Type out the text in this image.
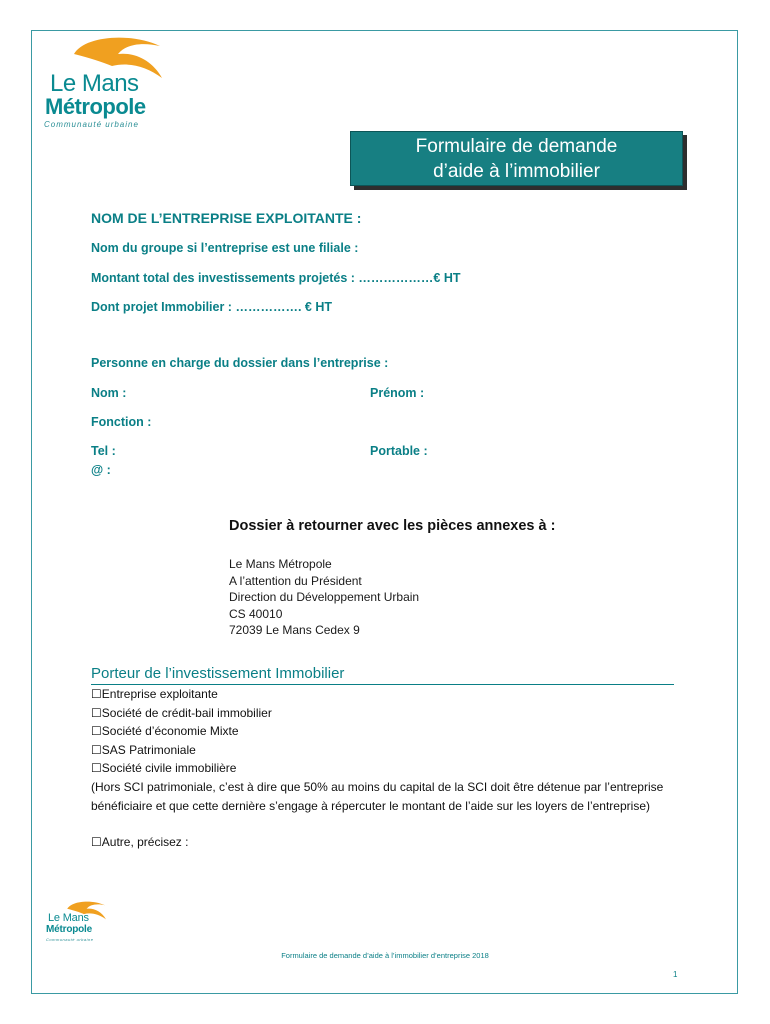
Le Mans
Métropole
Communauté urbaine
Formulaire de demande
d’aide à l’immobilier
NOM DE L’ENTREPRISE EXPLOITANTE :
Nom du groupe si l’entreprise est une filiale :
Montant total des investissements projetés : ………………€ HT
Dont projet Immobilier : ……………. € HT
Personne en charge du dossier dans l’entreprise :
Nom :	Prénom :
Fonction :
Tel :	Portable :
@ :
Dossier à retourner avec les pièces annexes à :
Le Mans Métropole
A l’attention du Président
Direction du Développement Urbain
CS 40010
72039 Le Mans Cedex 9
Porteur de l’investissement Immobilier
☐Entreprise exploitante
☐Société de crédit-bail immobilier
☐Société d’économie Mixte
☐SAS Patrimoniale
☐Société civile immobilière
(Hors SCI patrimoniale, c’est à dire que 50% au moins du capital de la SCI doit être détenue par l’entreprise bénéficiaire et que cette dernière s’engage à répercuter le montant de l’aide sur les loyers de l’entreprise)
☐Autre, précisez :
Le Mans
Métropole
Communauté urbaine
Formulaire de demande d’aide à l’immobilier d’entreprise 2018
1
